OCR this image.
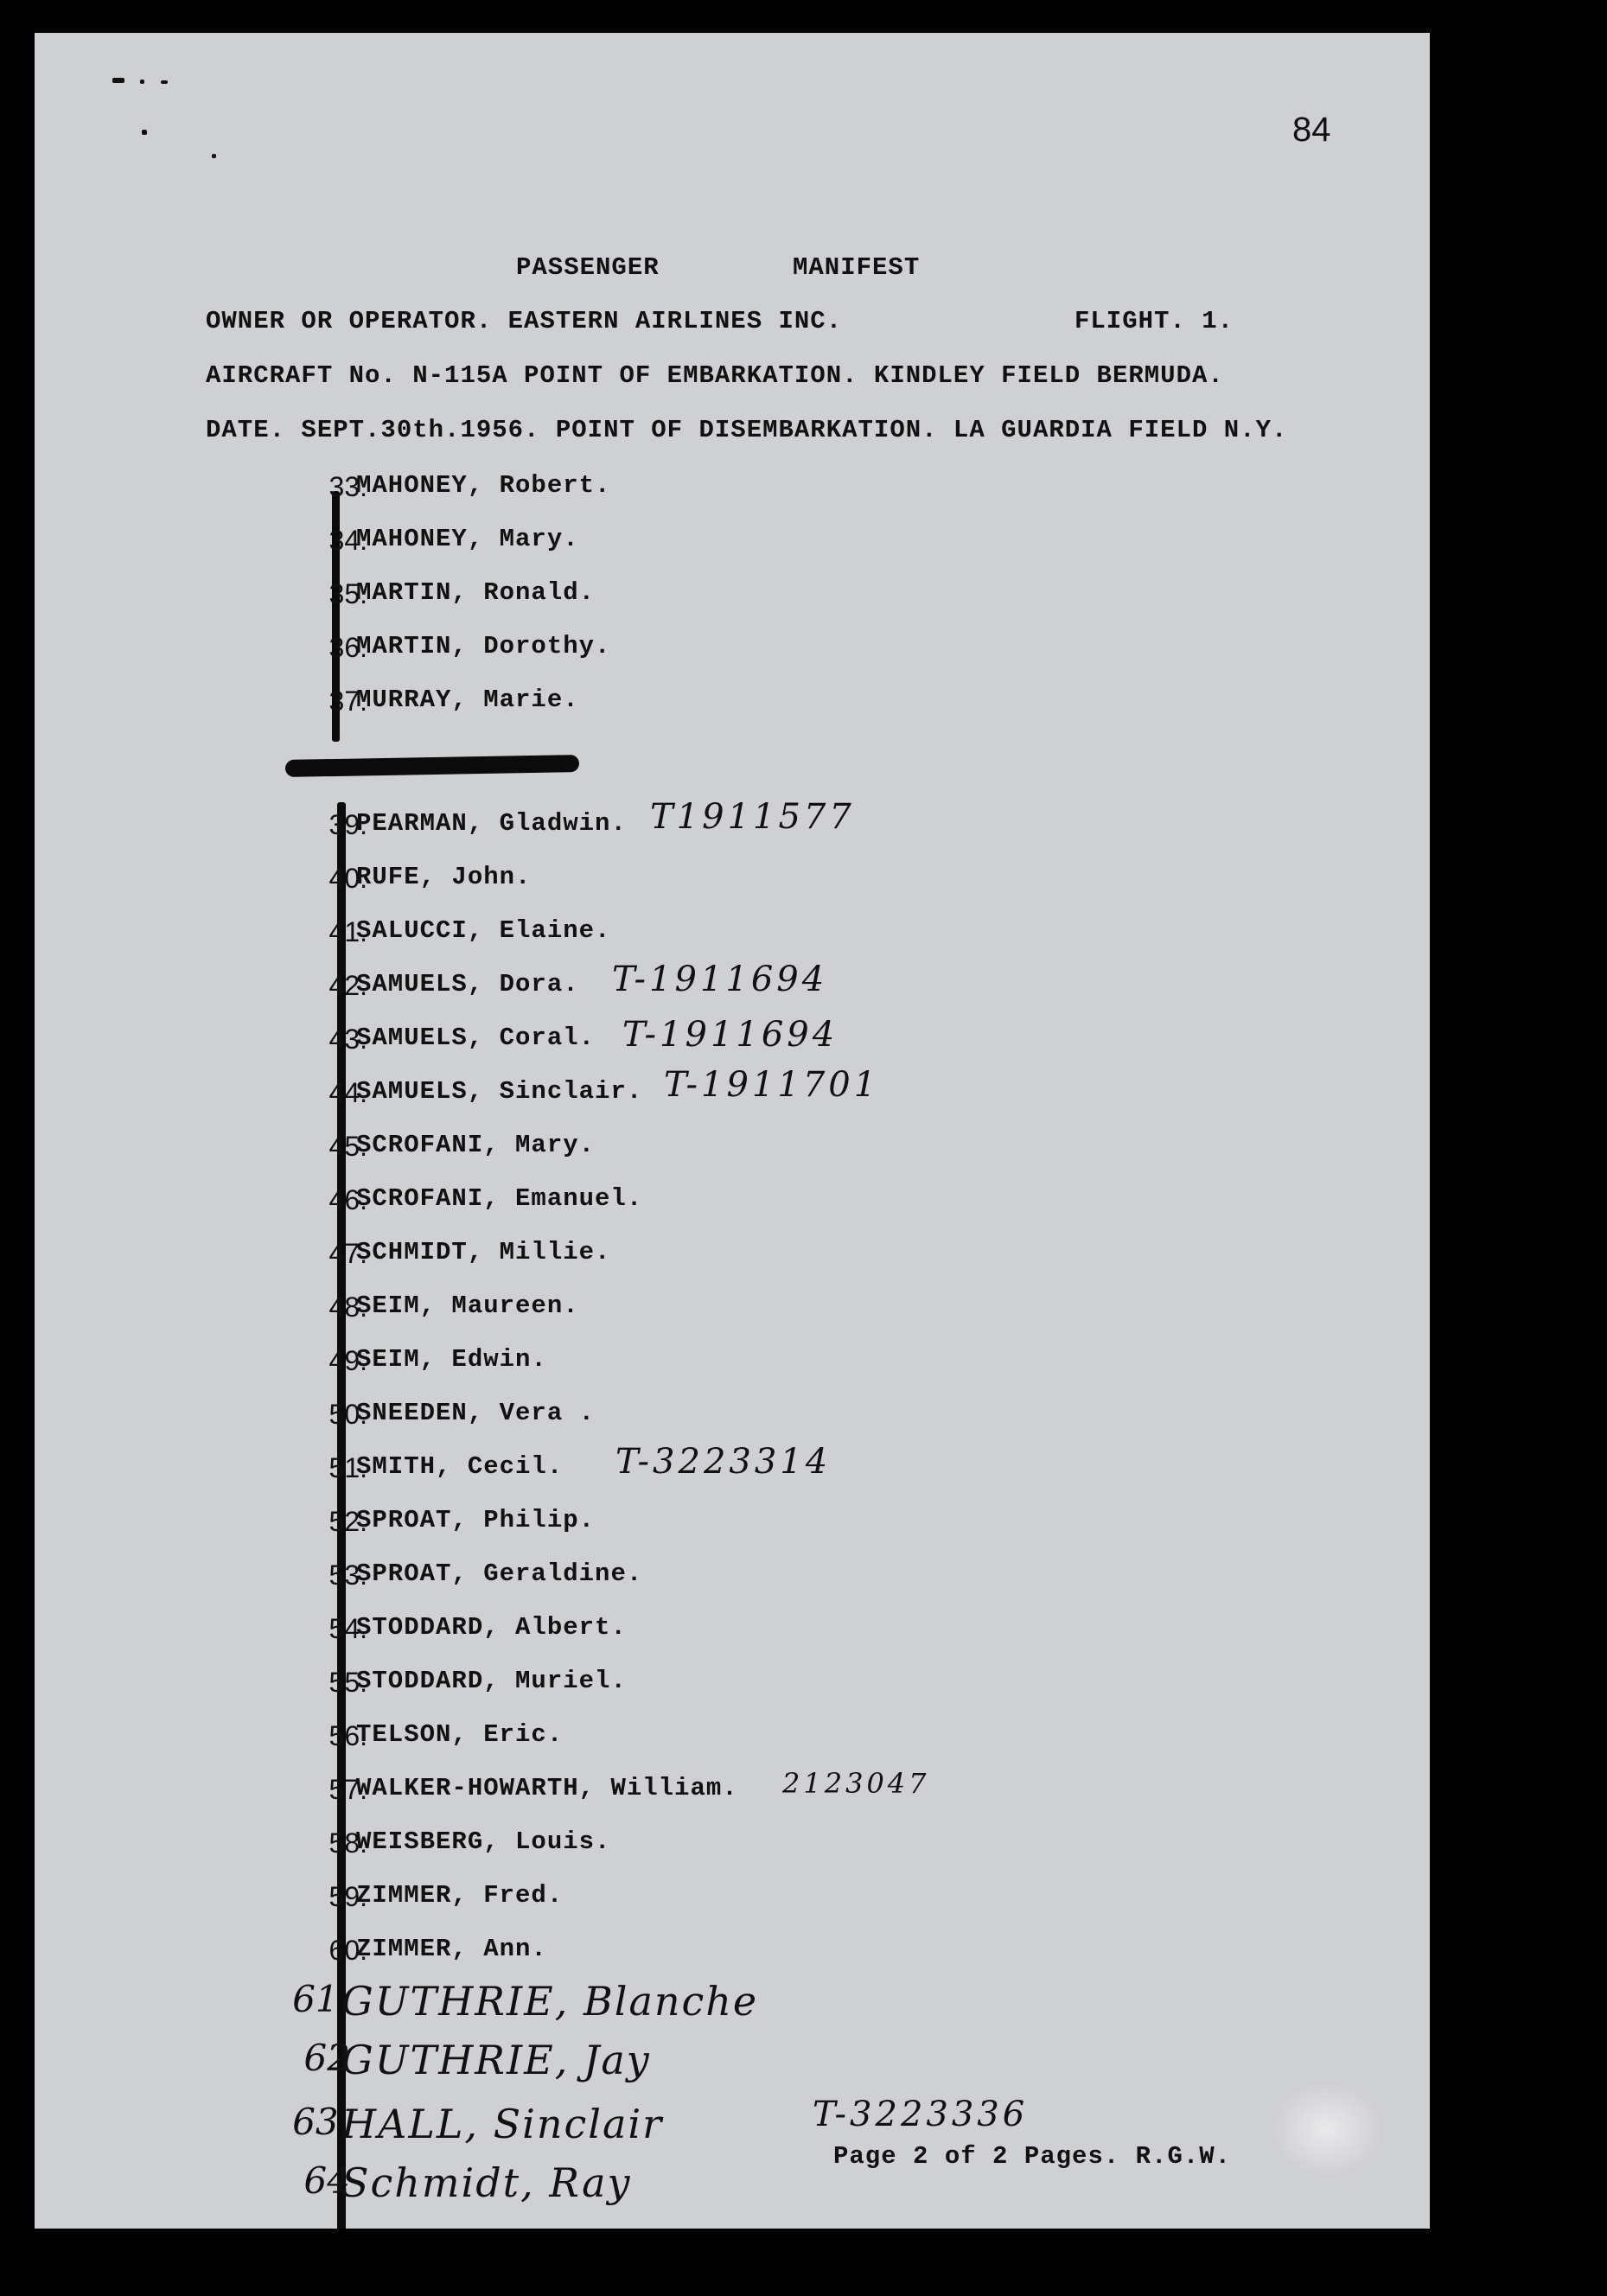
84
PASSENGER	MANIFEST
OWNER OR OPERATOR. EASTERN AIRLINES INC.	FLIGHT. 1.
AIRCRAFT No. N-115A POINT OF EMBARKATION. KINDLEY FIELD BERMUDA.
DATE. SEPT.30th.1956. POINT OF DISEMBARKATION. LA GUARDIA FIELD N.Y.
33.
MAHONEY, Robert.
34.
MAHONEY, Mary.
35.
MARTIN, Ronald.
36.
MARTIN, Dorothy.
37.
MURRAY, Marie.
39.
PEARMAN, Gladwin. T1911577
40.
RUFE, John.
41.
SALUCCI, Elaine.
42.
SAMUELS, Dora. T-1911694
43.
SAMUELS, Coral. T-1911694
44.
SAMUELS, Sinclair. T-1911701
45.
SCROFANI, Mary.
46.
SCROFANI, Emanuel.
47.
SCHMIDT, Millie.
48.
SEIM, Maureen.
49.
SEIM, Edwin.
50.
SNEEDEN, Vera .
51.
SMITH, Cecil. T-3223314
52.
SPROAT, Philip.
53.
SPROAT, Geraldine.
54.
STODDARD, Albert.
55.
STODDARD, Muriel.
56.
TELSON, Eric.
57.
WALKER-HOWARTH, William. 2123047
58.
WEISBERG, Louis.
59.
ZIMMER, Fred.
60.
ZIMMER, Ann.
61.
GUTHRIE, Blanche
62
GUTHRIE, Jay
63.
HALL, Sinclair
64
Schmidt, Ray
T-3223336
Page 2 of 2 Pages. R.G.W.
